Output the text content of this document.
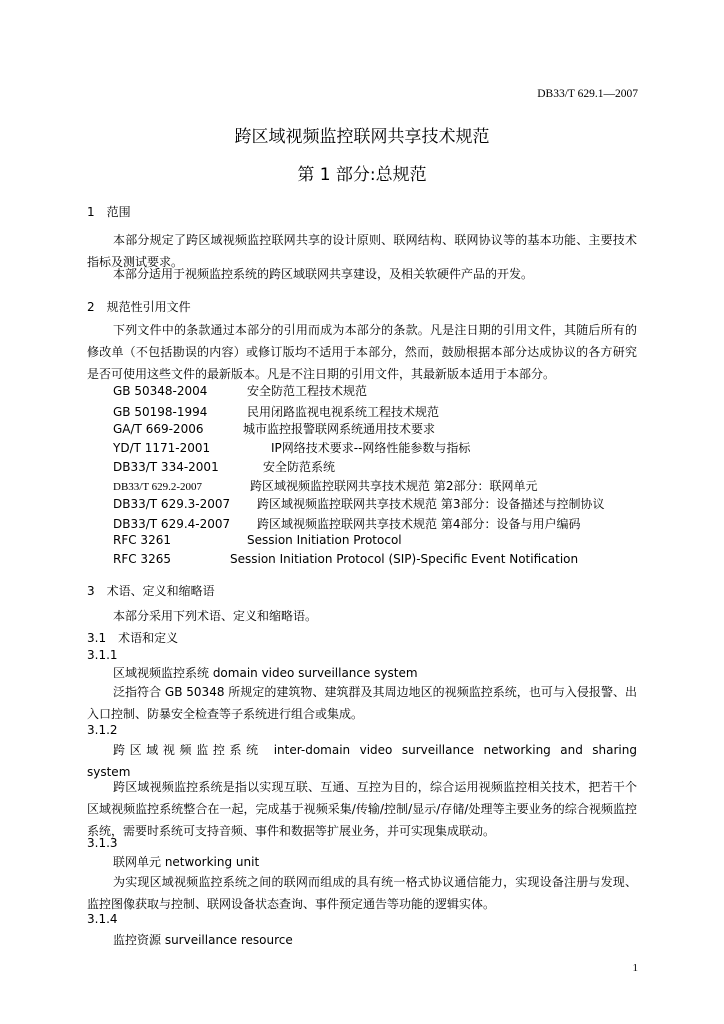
DB33/T 629.1—2007
跨区域视频监控联网共享技术规范
第 1 部分:总规范
1　范围
本部分规定了跨区域视频监控联网共享的设计原则、联网结构、联网协议等的基本功能、主要技术指标及测试要求。
本部分适用于视频监控系统的跨区域联网共享建设，及相关软硬件产品的开发。
2　规范性引用文件
下列文件中的条款通过本部分的引用而成为本部分的条款。凡是注日期的引用文件，其随后所有的修改单（不包括勘误的内容）或修订版均不适用于本部分，然而，鼓励根据本部分达成协议的各方研究是否可使用这些文件的最新版本。凡是不注日期的引用文件，其最新版本适用于本部分。
GB 50348-2004	安全防范工程技术规范
GB 50198-1994	民用闭路监视电视系统工程技术规范
GA/T 669-2006	城市监控报警联网系统通用技术要求
YD/T 1171-2001	IP网络技术要求--网络性能参数与指标
DB33/T 334-2001	安全防范系统
DB33/T 629.2-2007	跨区域视频监控联网共享技术规范 第2部分：联网单元
DB33/T 629.3-2007 跨区域视频监控联网共享技术规范 第3部分：设备描述与控制协议
DB33/T 629.4-2007 跨区域视频监控联网共享技术规范 第4部分：设备与用户编码
RFC 3261	Session Initiation Protocol
RFC 3265	Session Initiation Protocol (SIP)-Specific Event Notification
3　术语、定义和缩略语
本部分采用下列术语、定义和缩略语。
3.1　术语和定义
3.1.1
区域视频监控系统 domain video surveillance system
泛指符合 GB 50348 所规定的建筑物、建筑群及其周边地区的视频监控系统，也可与入侵报警、出入口控制、防暴安全检查等子系统进行组合或集成。
3.1.2
跨区域视频监控系统 inter-domain video surveillance networking and sharing system
跨区域视频监控系统是指以实现互联、互通、互控为目的，综合运用视频监控相关技术，把若干个区域视频监控系统整合在一起，完成基于视频采集/传输/控制/显示/存储/处理等主要业务的综合视频监控系统，需要时系统可支持音频、事件和数据等扩展业务，并可实现集成联动。
3.1.3
联网单元 networking unit
为实现区域视频监控系统之间的联网而组成的具有统一格式协议通信能力，实现设备注册与发现、监控图像获取与控制、联网设备状态查询、事件预定通告等功能的逻辑实体。
3.1.4
监控资源 surveillance resource
1
